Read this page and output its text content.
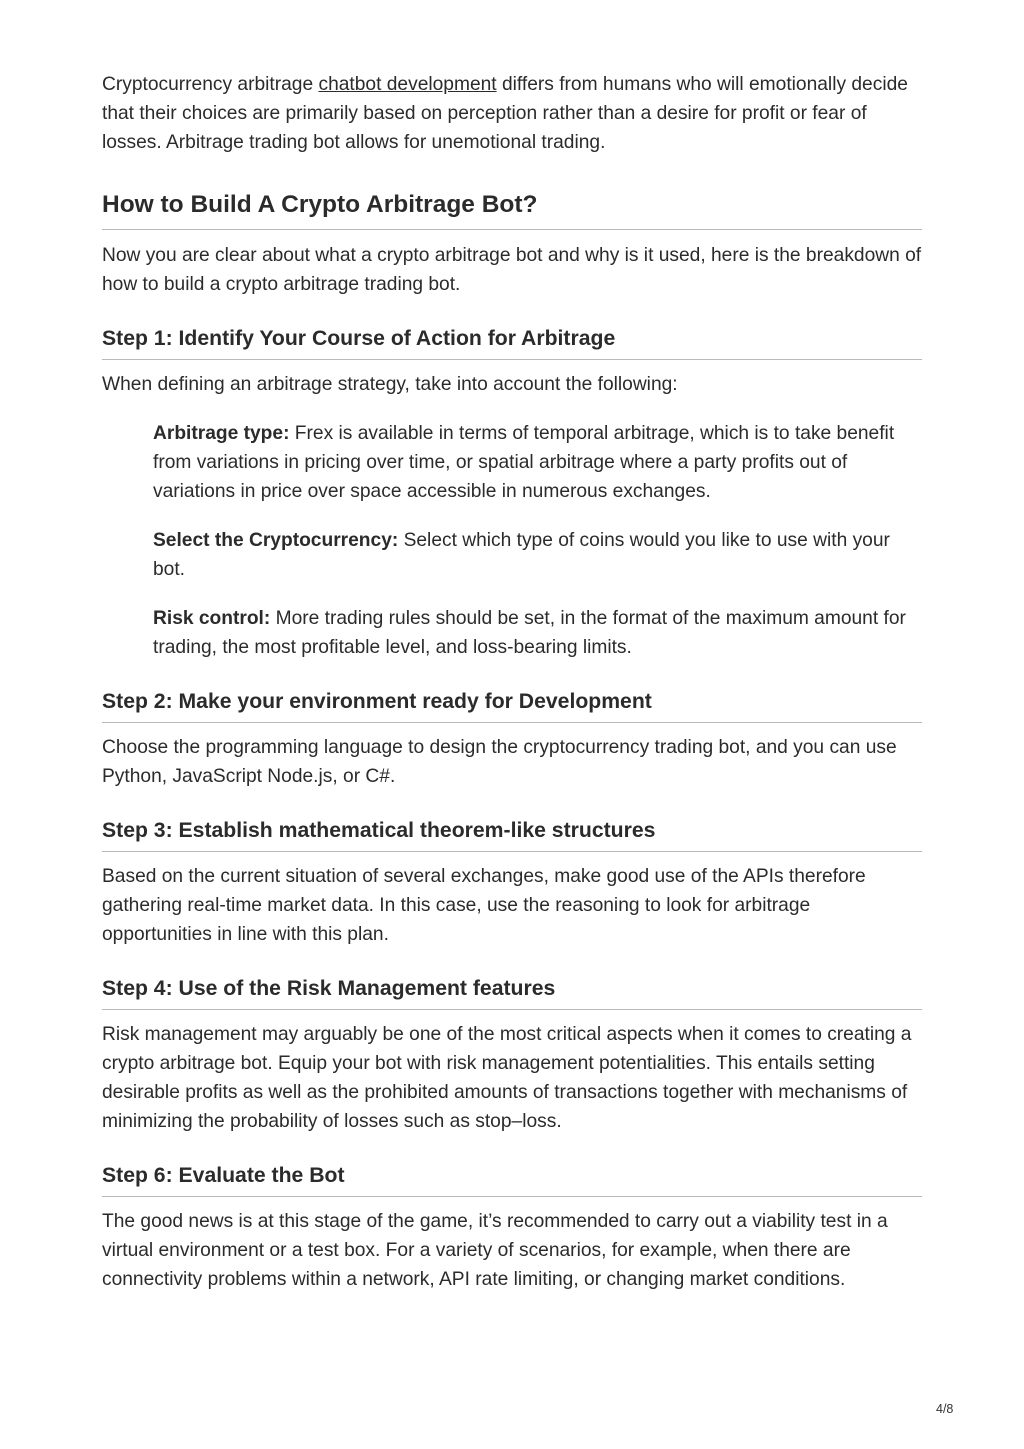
Cryptocurrency arbitrage chatbot development differs from humans who will emotionally decide that their choices are primarily based on perception rather than a desire for profit or fear of losses. Arbitrage trading bot allows for unemotional trading.

How to Build A Crypto Arbitrage Bot?

Now you are clear about what a crypto arbitrage bot and why is it used, here is the breakdown of how to build a crypto arbitrage trading bot.

Step 1: Identify Your Course of Action for Arbitrage

When defining an arbitrage strategy, take into account the following:

Arbitrage type: Frex is available in terms of temporal arbitrage, which is to take benefit from variations in pricing over time, or spatial arbitrage where a party profits out of variations in price over space accessible in numerous exchanges.

Select the Cryptocurrency: Select which type of coins would you like to use with your bot.

Risk control: More trading rules should be set, in the format of the maximum amount for trading, the most profitable level, and loss-bearing limits.

Step 2: Make your environment ready for Development

Choose the programming language to design the cryptocurrency trading bot, and you can use Python, JavaScript Node.js, or C#.

Step 3: Establish mathematical theorem-like structures

Based on the current situation of several exchanges, make good use of the APIs therefore gathering real-time market data. In this case, use the reasoning to look for arbitrage opportunities in line with this plan.

Step 4: Use of the Risk Management features

Risk management may arguably be one of the most critical aspects when it comes to creating a crypto arbitrage bot. Equip your bot with risk management potentialities. This entails setting desirable profits as well as the prohibited amounts of transactions together with mechanisms of minimizing the probability of losses such as stop–loss.

Step 6: Evaluate the Bot

The good news is at this stage of the game, it’s recommended to carry out a viability test in a virtual environment or a test box. For a variety of scenarios, for example, when there are connectivity problems within a network, API rate limiting, or changing market conditions.

4/8
